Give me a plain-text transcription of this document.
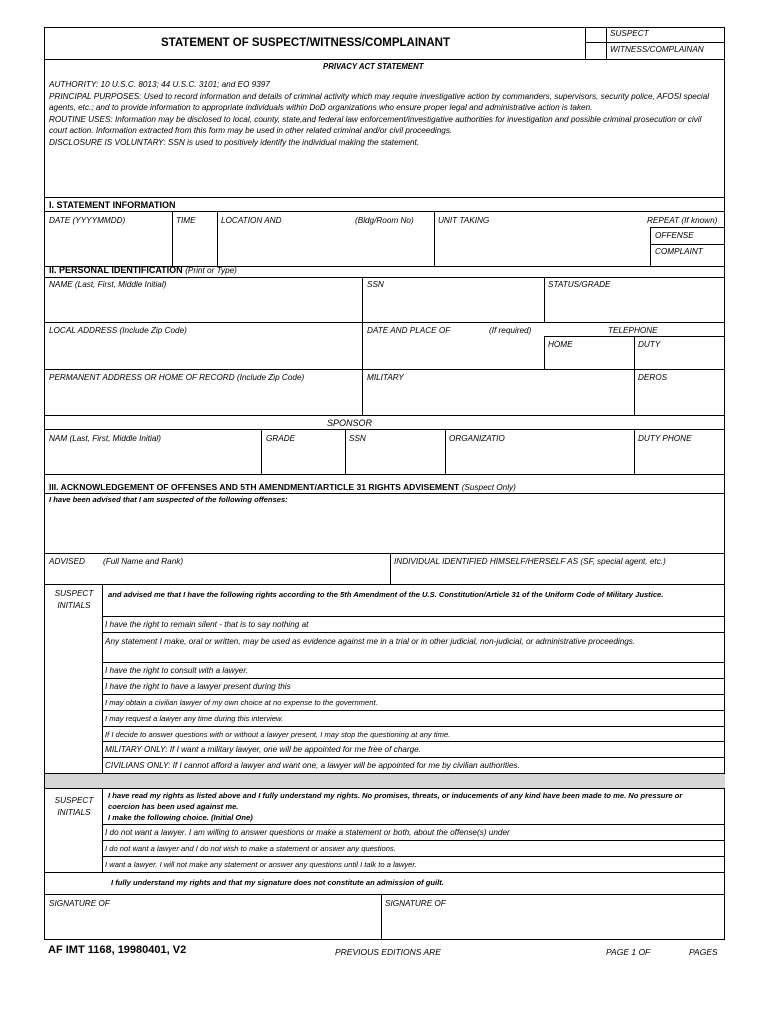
STATEMENT OF SUSPECT/WITNESS/COMPLAINANT
SUSPECT
WITNESS/COMPLAINAN
PRIVACY ACT STATEMENT
AUTHORITY: 10 U.S.C. 8013; 44 U.S.C. 3101; and EO 9397
PRINCIPAL PURPOSES: Used to record information and details of criminal activity which may require investigative action by commanders, supervisors, security police, AFOSI special agents, etc.; and to provide information to appropriate individuals within DoD organizations who ensure proper legal and administrative action is taken.
ROUTINE USES: Information may be disclosed to local, county, state,and federal law enforcement/investigative authorities for investigation and possible criminal prosecution or civil court action. Information extracted from this form may be used in other related criminal and/or civil proceedings.
DISCLOSURE IS VOLUNTARY: SSN is used to positively identify the individual making the statement.
I. STATEMENT INFORMATION
DATE (YYYYMMDD)	TIME	LOCATION AND	(Bldg/Room No)	UNIT TAKING	REPEAT (If known)
OFFENSE
COMPLAINT
II. PERSONAL IDENTIFICATION (Print or Type)
NAME (Last, First, Middle Initial)	SSN	STATUS/GRADE
LOCAL ADDRESS (Include Zip Code)	DATE AND PLACE OF	(If required)	TELEPHONE
HOME	DUTY
PERMANENT ADDRESS OR HOME OF RECORD (Include Zip Code)	MILITARY	DEROS
SPONSOR
NAM (Last, First, Middle Initial)	GRADE	SSN	ORGANIZATIO	DUTY PHONE
III. ACKNOWLEDGEMENT OF OFFENSES AND 5TH AMENDMENT/ARTICLE 31 RIGHTS ADVISEMENT (Suspect Only)
I have been advised that I am suspected of the following offenses:
ADVISED (Full Name and Rank)	INDIVIDUAL IDENTIFIED HIMSELF/HERSELF AS (SF, special agent, etc.)
SUSPECT
INITIALS
and advised me that I have the following rights according to the 5th Amendment of the U.S. Constitution/Article 31 of the Uniform Code of Military Justice.
I have the right to remain silent - that is to say nothing at
Any statement I make, oral or written, may be used as evidence against me in a trial or in other judicial, non-judicial, or administrative proceedings.
I have the right to consult with a lawyer.
I have the right to have a lawyer present during this
I may obtain a civilian lawyer of my own choice at no expense to the government.
I may request a lawyer any time during this interview.
If I decide to answer questions with or without a lawyer present, I may stop the questioning at any time.
MILITARY ONLY: If I want a military lawyer, one will be appointed for me free of charge.
CIVILIANS ONLY: If I cannot afford a lawyer and want one, a lawyer will be appointed for me by civilian authorities.
SUSPECT
INITIALS
I have read my rights as listed above and I fully understand my rights. No promises, threats, or inducements of any kind have been made to me. No pressure or coercion has been used against me.
I make the following choice. (Initial One)
I do not want a lawyer. I am willing to answer questions or make a statement or both, about the offense(s) under
I do not want a lawyer and I do not wish to make a statement or answer any questions.
I want a lawyer. I will not make any statement or answer any questions until I talk to a lawyer.
I fully understand my rights and that my signature does not constitute an admission of guilt.
SIGNATURE OF	SIGNATURE OF
AF IMT 1168, 19980401, V2	PREVIOUS EDITIONS ARE	PAGE 1 OF	PAGES
